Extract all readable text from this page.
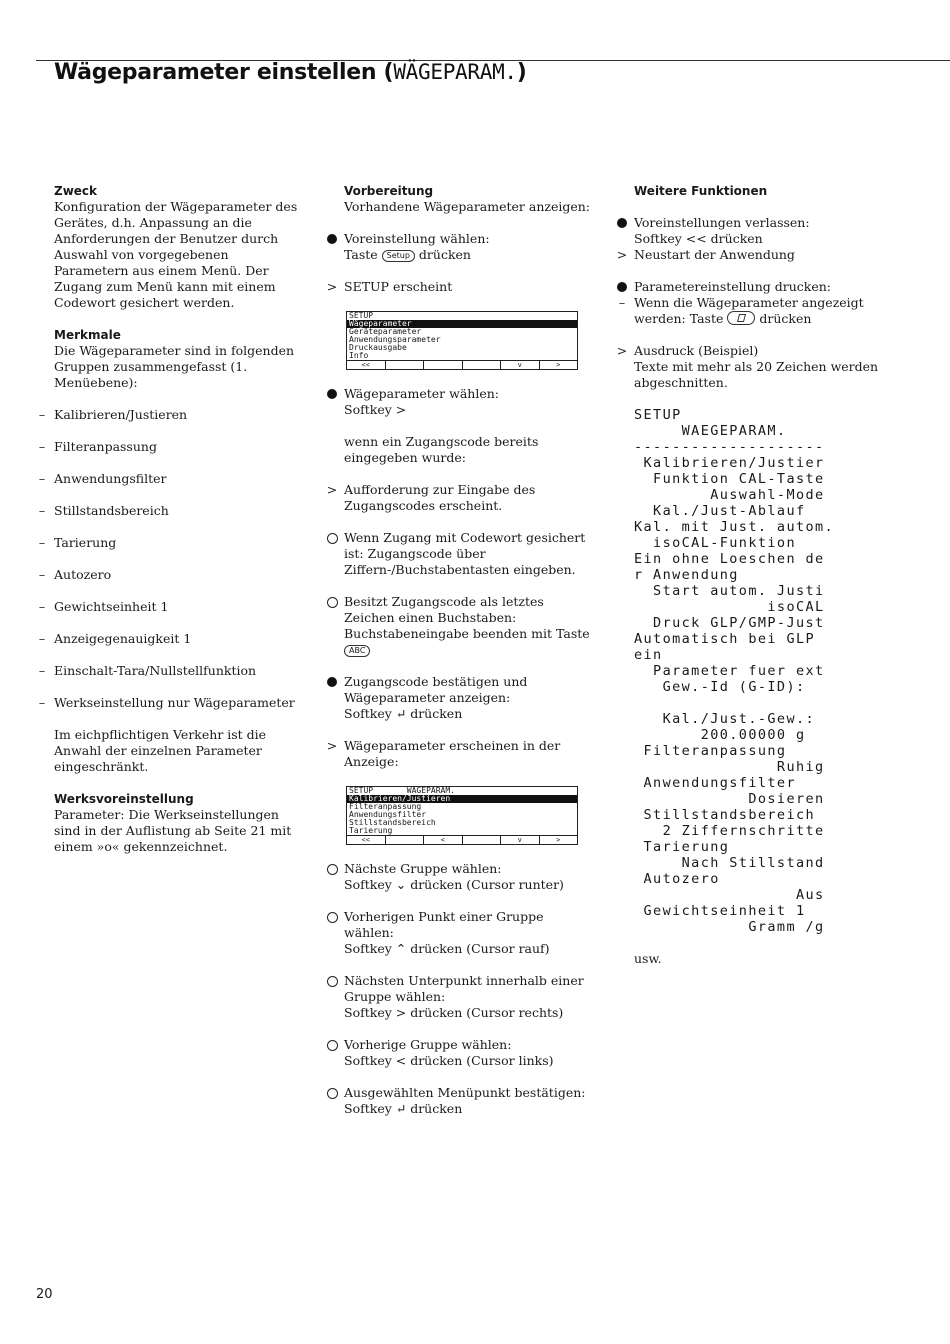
Wägeparameter einstellen (WÄGEPARAM.)
Zweck
Konfiguration der Wägeparameter des Gerätes, d.h. Anpassung an die Anforderungen der Benutzer durch Auswahl von vorgegebenen Parametern aus einem Menü. Der Zugang zum Menü kann mit einem Codewort gesichert werden.
Merkmale
Die Wägeparameter sind in folgenden Gruppen zusammengefasst (1. Menüebene):
– Kalibrieren/Justieren
– Filteranpassung
– Anwendungsfilter
– Stillstandsbereich
– Tarierung
– Autozero
– Gewichtseinheit 1
– Anzeigegenauigkeit 1
– Einschalt-Tara/Nullstellfunktion
– Werkseinstellung nur Wägeparameter
Im eichpflichtigen Verkehr ist die Anwahl der einzelnen Parameter eingeschränkt.
Werksvoreinstellung
Parameter: Die Werkseinstellungen sind in der Auflistung ab Seite 21 mit einem »o« gekennzeichnet.
Vorbereitung
Vorhandene Wägeparameter anzeigen:
Voreinstellung wählen:
Taste Setup drücken
> SETUP erscheint
SETUP
Wägeparameter
Geräteparameter
Anwendungsparameter
Druckausgabe
Info
<<	v	>
Wägeparameter wählen:
Softkey >
wenn ein Zugangscode bereits eingegeben wurde:
> Aufforderung zur Eingabe des Zugangscodes erscheint.
Wenn Zugang mit Codewort gesichert ist: Zugangscode über Ziffern-/Buchstabentasten eingeben.
Besitzt Zugangscode als letztes Zeichen einen Buchstaben: Buchstabeneingabe beenden mit Taste ABC
Zugangscode bestätigen und Wägeparameter anzeigen:
Softkey ↵ drücken
> Wägeparameter erscheinen in der Anzeige:
SETUP       WÄGEPARAM.
Kalibrieren/Justieren
Filteranpassung
Anwendungsfilter
Stillstandsbereich
Tarierung
<<	<	v	>
Nächste Gruppe wählen:
Softkey ⌄ drücken (Cursor runter)
Vorherigen Punkt einer Gruppe wählen:
Softkey ⌃ drücken (Cursor rauf)
Nächsten Unterpunkt innerhalb einer Gruppe wählen:
Softkey > drücken (Cursor rechts)
Vorherige Gruppe wählen:
Softkey < drücken (Cursor links)
Ausgewählten Menüpunkt bestätigen:
Softkey ↵ drücken
Weitere Funktionen
Voreinstellungen verlassen:
Softkey << drücken
> Neustart der Anwendung
Parametereinstellung drucken:
– Wenn die Wägeparameter angezeigt werden: Taste	drücken
> Ausdruck (Beispiel)
Texte mit mehr als 20 Zeichen werden abgeschnitten.
SETUP
WAEGEPARAM.
--------------------
Kalibrieren/Justier
Funktion CAL-Taste
Auswahl-Mode
Kal./Just-Ablauf
Kal. mit Just. autom.
isoCAL-Funktion
Ein ohne Loeschen de
r Anwendung
Start autom. Justi
isoCAL
Druck GLP/GMP-Just
Automatisch bei GLP
ein
Parameter fuer ext
Gew.-Id (G-ID):

Kal./Just.-Gew.:
200.00000 g
Filteranpassung
Ruhig
Anwendungsfilter
Dosieren
Stillstandsbereich
2 Ziffernschritte
Tarierung
Nach Stillstand
Autozero
Aus
Gewichtseinheit 1
Gramm /g
usw.
20
